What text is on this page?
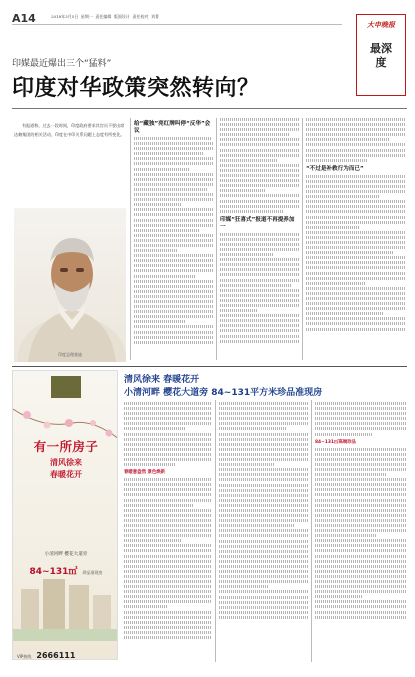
A14	2018年3月5日 星期一 责任编辑 版面设计 责任校对 刘菁
印媒最近爆出三个“猛料”
印度对华政策突然转向？
大申晚报
最深度
有报道称，过去一段时间，印度政府要求其官员不要出席达赖集团的相关活动，印度在中印关系问题上态度有所变化。
印度总理莫迪
给“藏独”亮红牌叫停“反华”会议
印媒“狂喜式”报道不再提养加一
“不过是补救行为而已”
有一所房子
清风徐来
春暖花开
小清河畔 樱花大道旁
84~131㎡ 珍品准现房
VIP热线 2666111
清风徐来 春暖花开
小清河畔 樱花大道旁 84~131平方米珍品准现房
春暖意盎然 景色焕新
84~131㎡高端珍品
